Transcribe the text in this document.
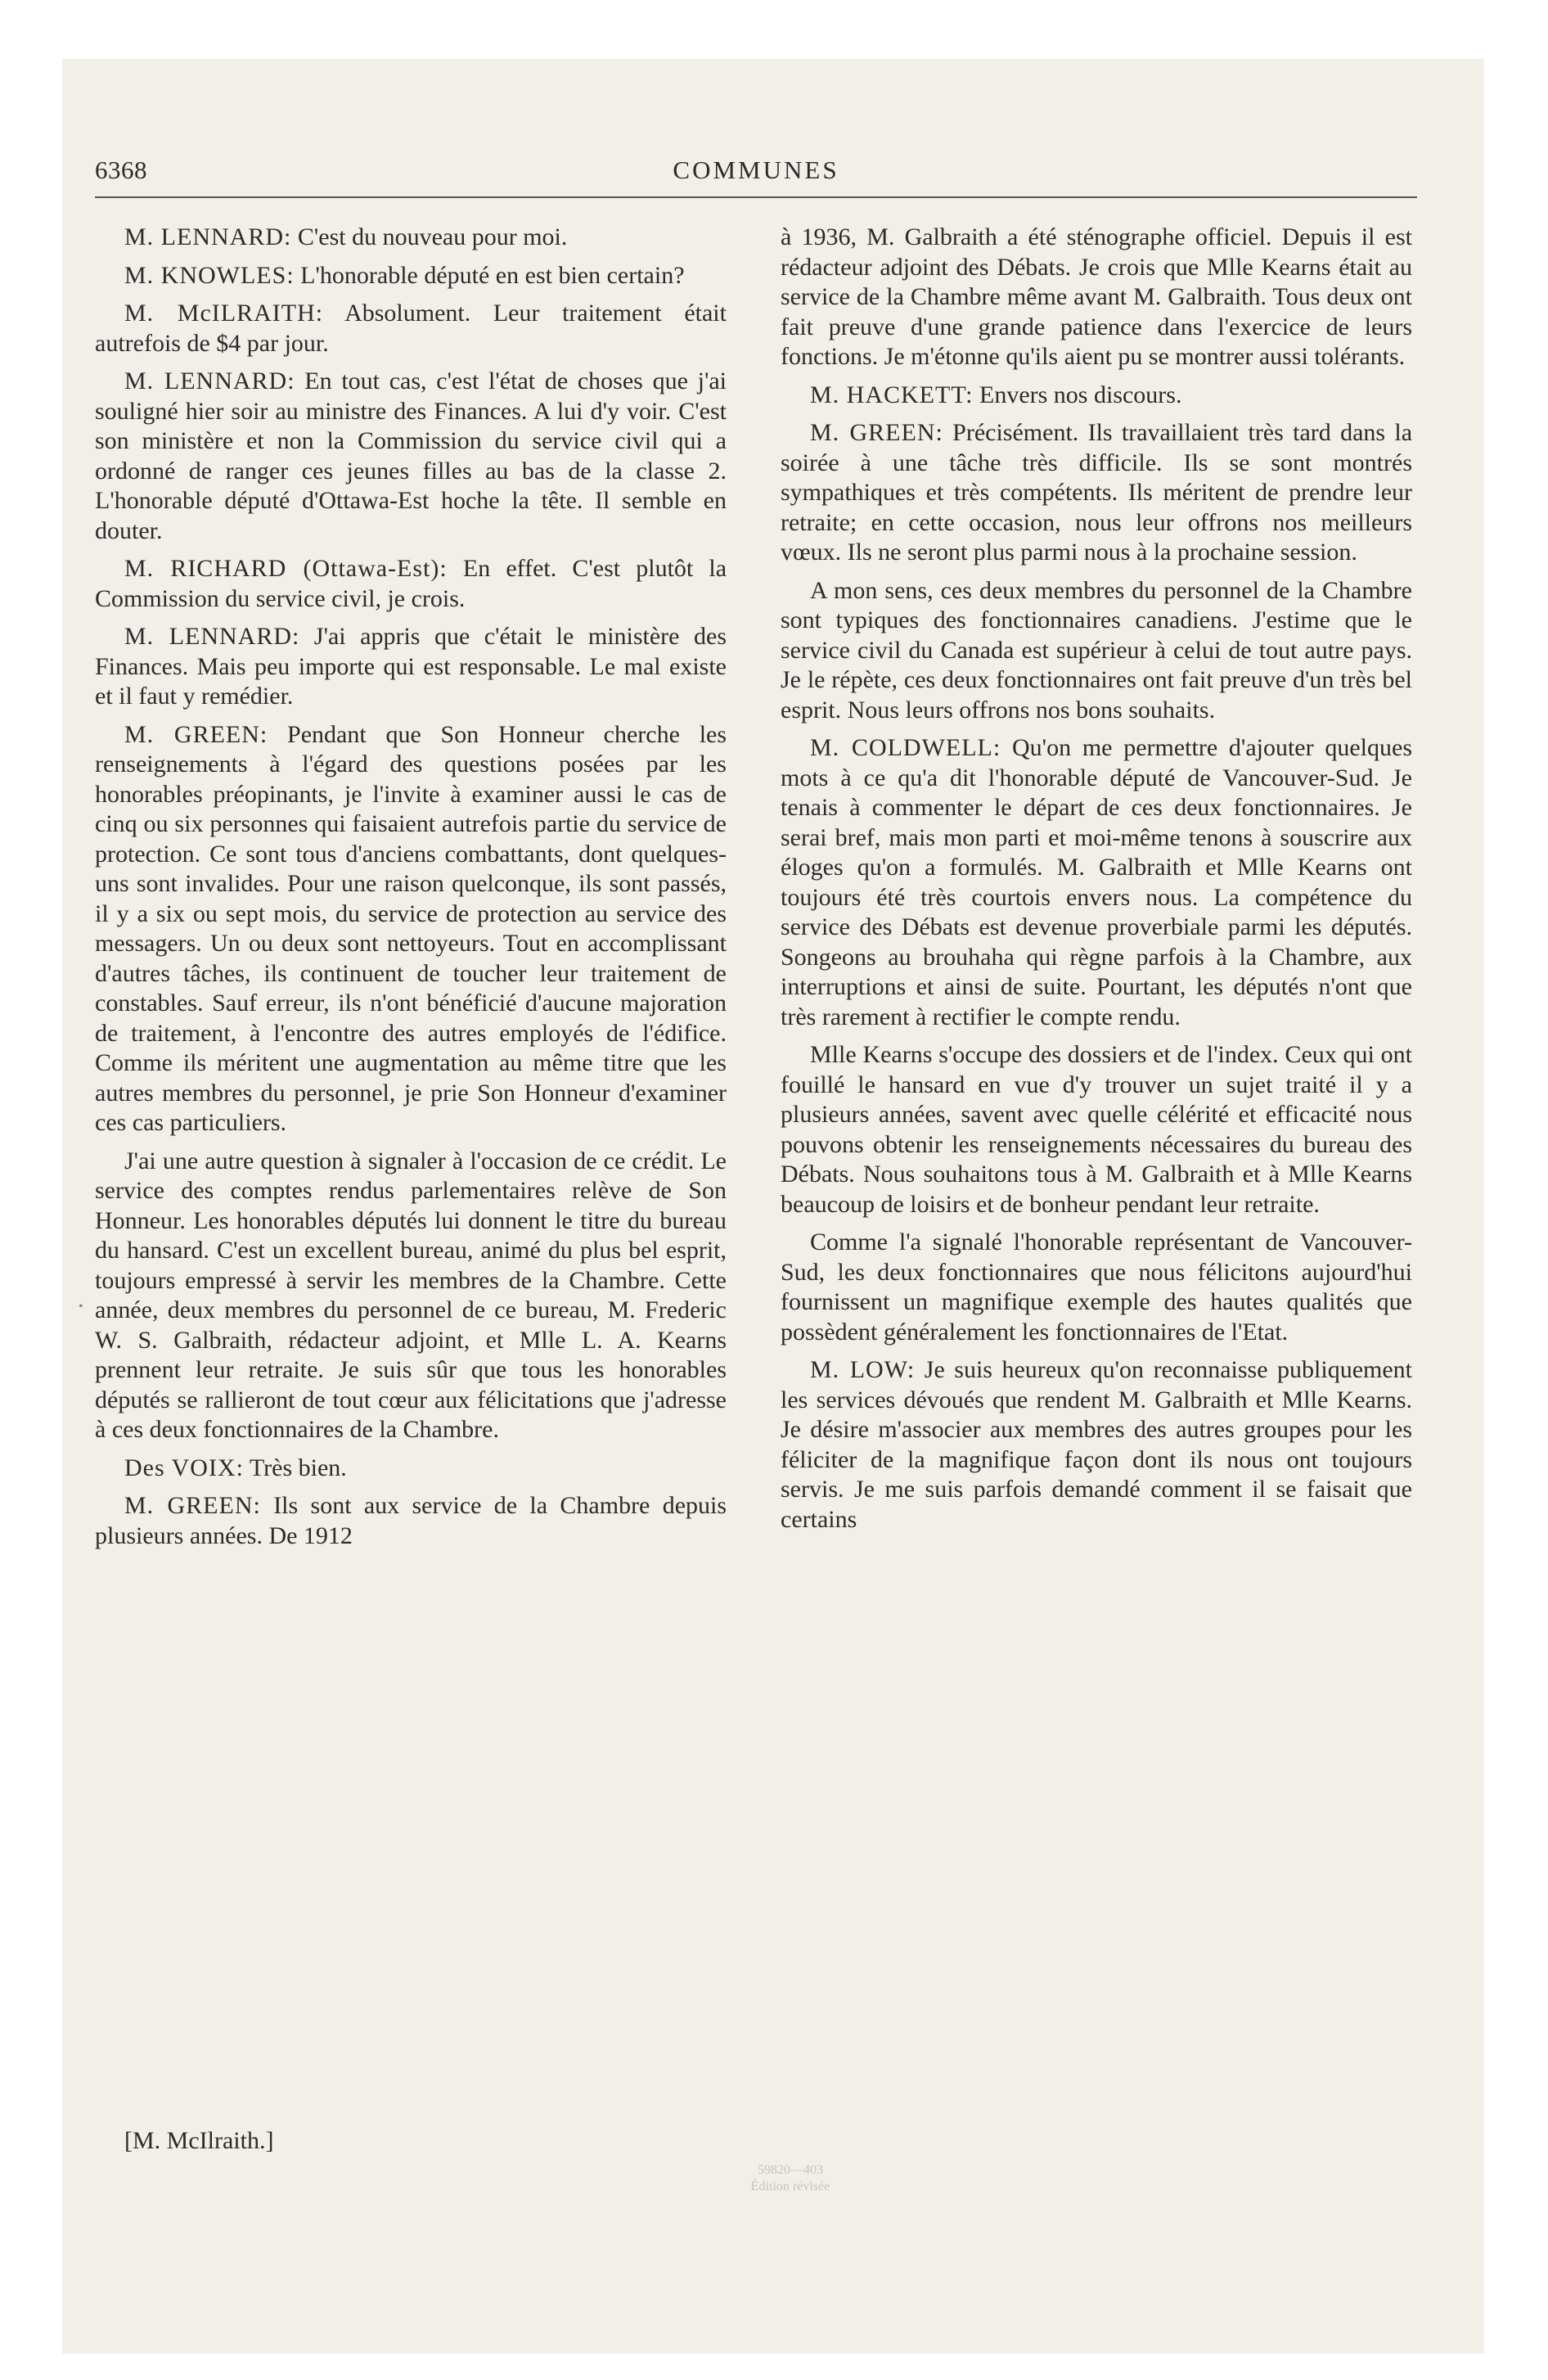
6368	COMMUNES

M. LENNARD: C'est du nouveau pour moi.

M. KNOWLES: L'honorable député en est bien certain?

M. McILRAITH: Absolument. Leur traitement était autrefois de $4 par jour.

M. LENNARD: En tout cas, c'est l'état de choses que j'ai souligné hier soir au ministre des Finances. A lui d'y voir. C'est son ministère et non la Commission du service civil qui a ordonné de ranger ces jeunes filles au bas de la classe 2. L'honorable député d'Ottawa-Est hoche la tête. Il semble en douter.

M. RICHARD (Ottawa-Est): En effet. C'est plutôt la Commission du service civil, je crois.

M. LENNARD: J'ai appris que c'était le ministère des Finances. Mais peu importe qui est responsable. Le mal existe et il faut y remédier.

M. GREEN: Pendant que Son Honneur cherche les renseignements à l'égard des questions posées par les honorables préopinants, je l'invite à examiner aussi le cas de cinq ou six personnes qui faisaient autrefois partie du service de protection. Ce sont tous d'anciens combattants, dont quelques-uns sont invalides. Pour une raison quelconque, ils sont passés, il y a six ou sept mois, du service de protection au service des messagers. Un ou deux sont nettoyeurs. Tout en accomplissant d'autres tâches, ils continuent de toucher leur traitement de constables. Sauf erreur, ils n'ont bénéficié d'aucune majoration de traitement, à l'encontre des autres employés de l'édifice. Comme ils méritent une augmentation au même titre que les autres membres du personnel, je prie Son Honneur d'examiner ces cas particuliers.

J'ai une autre question à signaler à l'occasion de ce crédit. Le service des comptes rendus parlementaires relève de Son Honneur. Les honorables députés lui donnent le titre du bureau du hansard. C'est un excellent bureau, animé du plus bel esprit, toujours empressé à servir les membres de la Chambre. Cette année, deux membres du personnel de ce bureau, M. Frederic W. S. Galbraith, rédacteur adjoint, et Mlle L. A. Kearns prennent leur retraite. Je suis sûr que tous les honorables députés se rallieront de tout cœur aux félicitations que j'adresse à ces deux fonctionnaires de la Chambre.

Des VOIX: Très bien.

M. GREEN: Ils sont aux service de la Chambre depuis plusieurs années. De 1912

à 1936, M. Galbraith a été sténographe officiel. Depuis il est rédacteur adjoint des Débats. Je crois que Mlle Kearns était au service de la Chambre même avant M. Galbraith. Tous deux ont fait preuve d'une grande patience dans l'exercice de leurs fonctions. Je m'étonne qu'ils aient pu se montrer aussi tolérants.

M. HACKETT: Envers nos discours.

M. GREEN: Précisément. Ils travaillaient très tard dans la soirée à une tâche très difficile. Ils se sont montrés sympathiques et très compétents. Ils méritent de prendre leur retraite; en cette occasion, nous leur offrons nos meilleurs vœux. Ils ne seront plus parmi nous à la prochaine session.

A mon sens, ces deux membres du personnel de la Chambre sont typiques des fonctionnaires canadiens. J'estime que le service civil du Canada est supérieur à celui de tout autre pays. Je le répète, ces deux fonctionnaires ont fait preuve d'un très bel esprit. Nous leurs offrons nos bons souhaits.

M. COLDWELL: Qu'on me permettre d'ajouter quelques mots à ce qu'a dit l'honorable député de Vancouver-Sud. Je tenais à commenter le départ de ces deux fonctionnaires. Je serai bref, mais mon parti et moi-même tenons à souscrire aux éloges qu'on a formulés. M. Galbraith et Mlle Kearns ont toujours été très courtois envers nous. La compétence du service des Débats est devenue proverbiale parmi les députés. Songeons au brouhaha qui règne parfois à la Chambre, aux interruptions et ainsi de suite. Pourtant, les députés n'ont que très rarement à rectifier le compte rendu.

Mlle Kearns s'occupe des dossiers et de l'index. Ceux qui ont fouillé le hansard en vue d'y trouver un sujet traité il y a plusieurs années, savent avec quelle célérité et efficacité nous pouvons obtenir les renseignements nécessaires du bureau des Débats. Nous souhaitons tous à M. Galbraith et à Mlle Kearns beaucoup de loisirs et de bonheur pendant leur retraite.

Comme l'a signalé l'honorable représentant de Vancouver-Sud, les deux fonctionnaires que nous félicitons aujourd'hui fournissent un magnifique exemple des hautes qualités que possèdent généralement les fonctionnaires de l'Etat.

M. LOW: Je suis heureux qu'on reconnaisse publiquement les services dévoués que rendent M. Galbraith et Mlle Kearns. Je désire m'associer aux membres des autres groupes pour les féliciter de la magnifique façon dont ils nous ont toujours servis. Je me suis parfois demandé comment il se faisait que certains

[M. McIlraith.]
59820—403
Édition révisée
•
